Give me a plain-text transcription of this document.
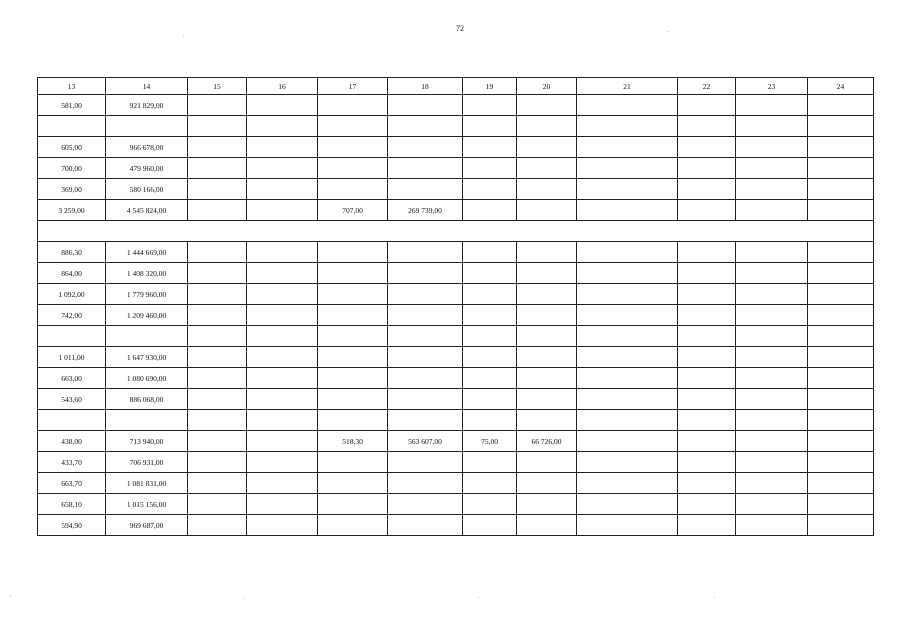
72
13	14	15	16	17	18	19	20	21	22	23	24
581,00	921 829,00										

605,00	966 678,00										
700,00	479 960,00										
369,00	580 166,00										
3 259,00	4 545 824,00			707,00	269 739,00						

886,30	1 444 669,00										
864,00	1 408 320,00										
1 092,00	1 779 960,00										
742,00	1 209 460,00										

1 011,00	1 647 930,00										
663,00	1 080 690,00										
543,60	886 068,00										

438,00	713 940,00			518,30	563 607,00	75,00	66 726,00				
433,70	706 931,00										
663,70	1 081 831,00										
658,10	1 015 156,00										
594,90	969 687,00										
